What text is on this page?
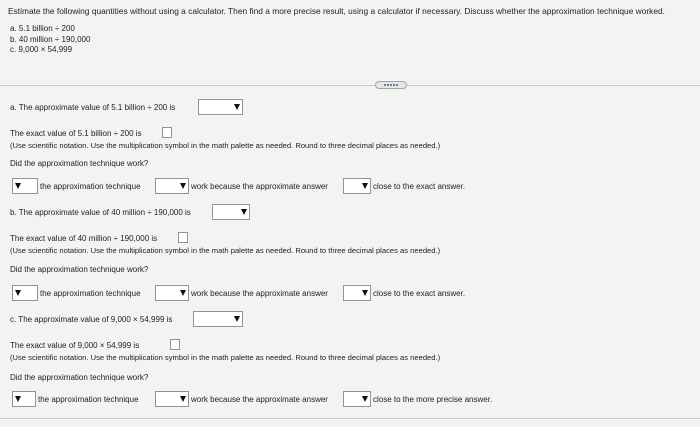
Estimate the following quantities without using a calculator. Then find a more precise result, using a calculator if necessary. Discuss whether the approximation technique worked.
a. 5.1 billion ÷ 200
b. 40 million ÷ 190,000
c. 9,000 × 54,999
a. The approximate value of 5.1 billion ÷ 200 is
The exact value of 5.1 billion ÷ 200 is
(Use scientific notation. Use the multiplication symbol in the math palette as needed. Round to three decimal places as needed.)
Did the approximation technique work?
the approximation technique	work because the approximate answer	close to the exact answer.
b. The approximate value of 40 million ÷ 190,000 is
The exact value of 40 million ÷ 190,000 is
(Use scientific notation. Use the multiplication symbol in the math palette as needed. Round to three decimal places as needed.)
Did the approximation technique work?
the approximation technique	work because the approximate answer	close to the exact answer.
c. The approximate value of 9,000 × 54,999 is
The exact value of 9,000 × 54,999 is
(Use scientific notation. Use the multiplication symbol in the math palette as needed. Round to three decimal places as needed.)
Did the approximation technique work?
the approximation technique	work because the approximate answer	close to the more precise answer.
